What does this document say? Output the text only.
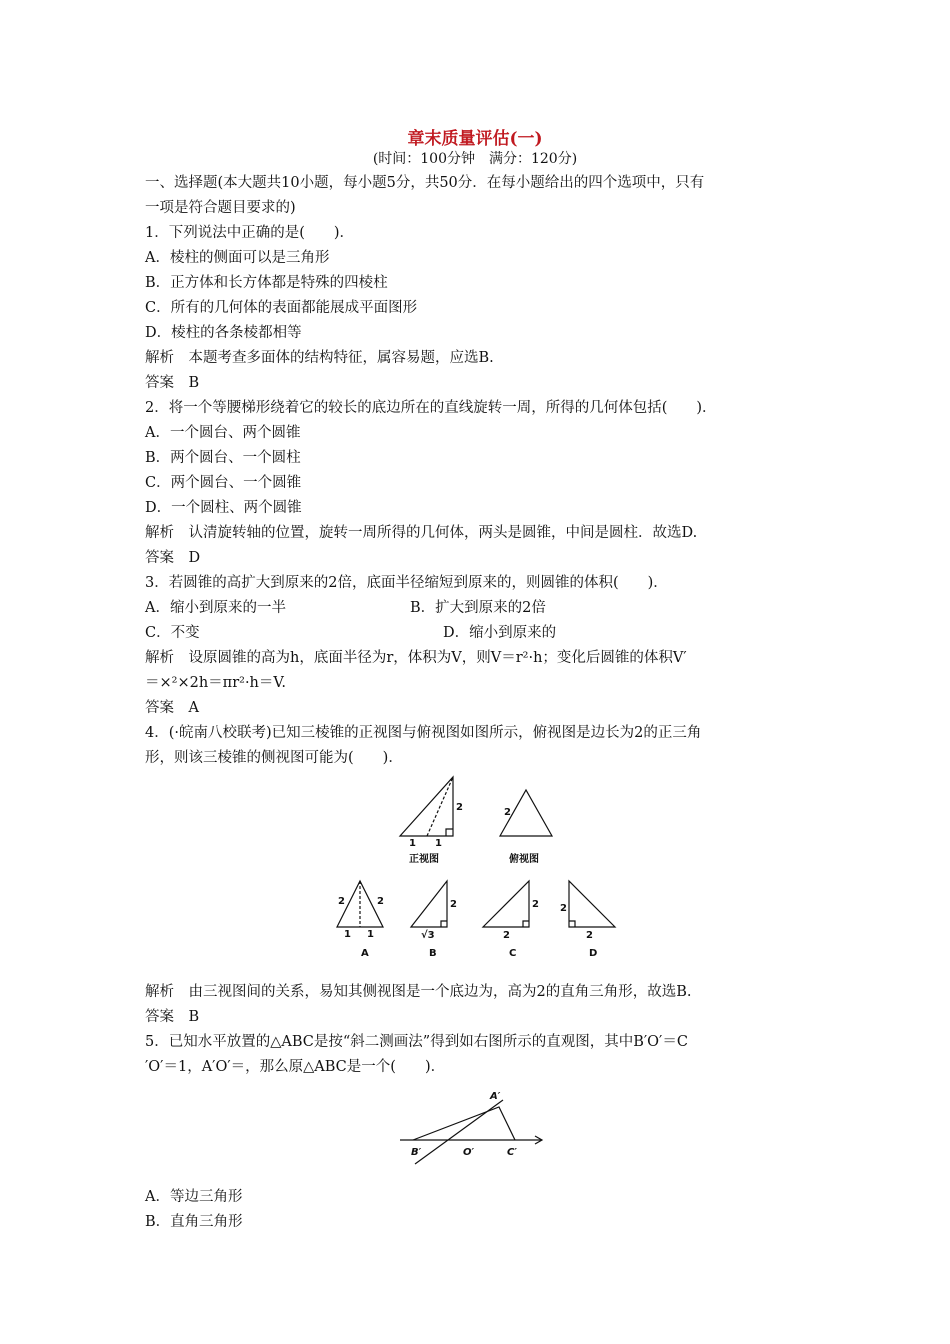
章末质量评估(一)
(时间：100分钟　满分：120分)
一、选择题(本大题共10小题，每小题5分，共50分．在每小题给出的四个选项中，只有
一项是符合题目要求的)
1．下列说法中正确的是(　　)．
A．棱柱的侧面可以是三角形
B．正方体和长方体都是特殊的四棱柱
C．所有的几何体的表面都能展成平面图形
D．棱柱的各条棱都相等
解析　本题考查多面体的结构特征，属容易题，应选B.
答案　B
2．将一个等腰梯形绕着它的较长的底边所在的直线旋转一周，所得的几何体包括(　　)．
A．一个圆台、两个圆锥
B．两个圆台、一个圆柱
C．两个圆台、一个圆锥
D．一个圆柱、两个圆锥
解析　认清旋转轴的位置，旋转一周所得的几何体，两头是圆锥，中间是圆柱．故选D.
答案　D
3．若圆锥的高扩大到原来的2倍，底面半径缩短到原来的，则圆锥的体积(　　)．
A．缩小到原来的一半	B．扩大到原来的2倍
C．不变	D．缩小到原来的
解析　设原圆锥的高为h，底面半径为r，体积为V，则V＝r²·h；变化后圆锥的体积V′
＝×²×2h＝πr²·h＝V.
答案　A
4．(·皖南八校联考)已知三棱锥的正视图与俯视图如图所示，俯视图是边长为2的正三角
形，则该三棱锥的侧视图可能为(　　)．
2
1 1
正视图
2
俯视图
2	2
1 1
2
√3
2
2
2
2
A	B	C	D
解析　由三视图间的关系，易知其侧视图是一个底边为，高为2的直角三角形，故选B.
答案　B
5．已知水平放置的△ABC是按“斜二测画法”得到如右图所示的直观图，其中B′O′＝C
′O′＝1，A′O′＝，那么原△ABC是一个(　　)．
A′
B′	O′	C′
A．等边三角形
B．直角三角形
